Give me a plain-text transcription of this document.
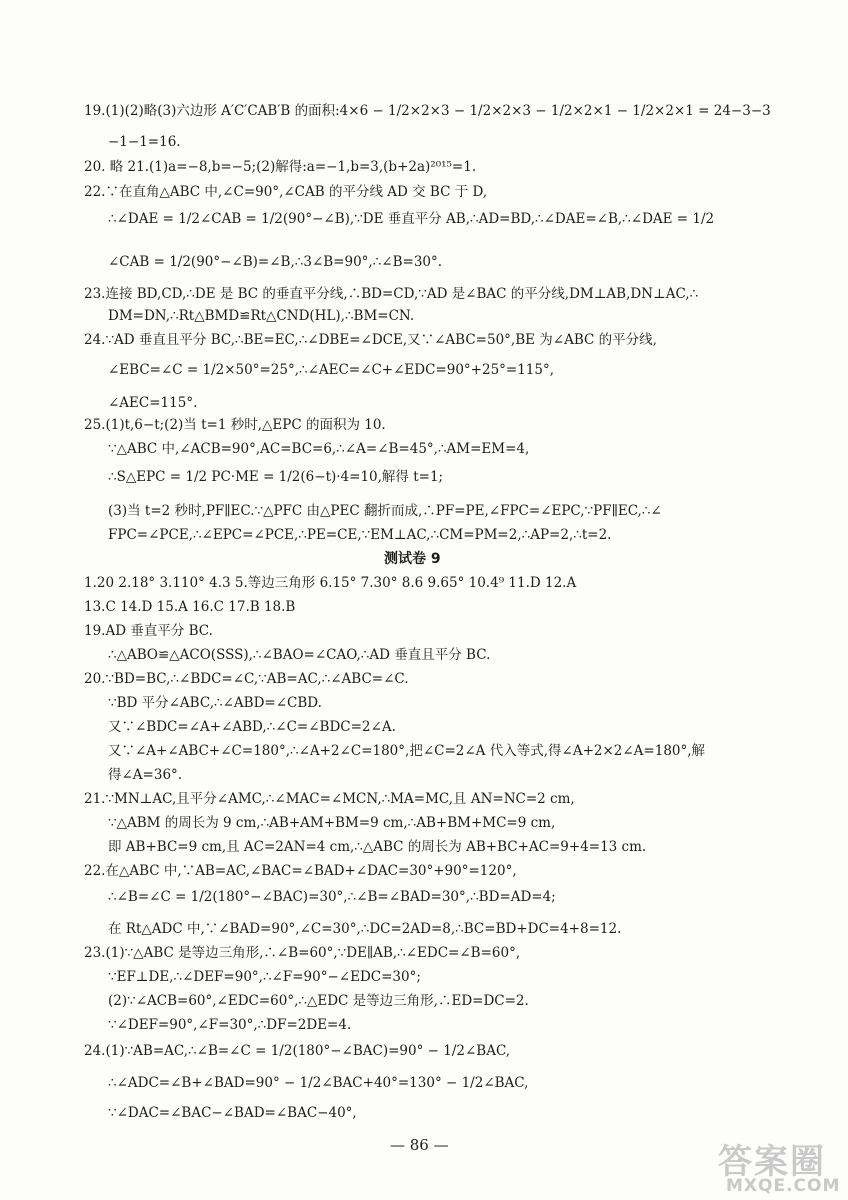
19.(1)(2)略(3)六边形 A′C′CAB′B 的面积:4×6 − 1/2×2×3 − 1/2×2×3 − 1/2×2×1 − 1/2×2×1 = 24−3−3
−1−1=16.
20. 略 21.(1)a=−8,b=−5;(2)解得:a=−1,b=3,(b+2a)²⁰¹⁵=1.
22.∵在直角△ABC 中,∠C=90°,∠CAB 的平分线 AD 交 BC 于 D,
∴∠DAE = 1/2∠CAB = 1/2(90°−∠B),∵DE 垂直平分 AB,∴AD=BD,∴∠DAE=∠B,∴∠DAE = 1/2
∠CAB = 1/2(90°−∠B)=∠B,∴3∠B=90°,∴∠B=30°.
23.连接 BD,CD,∴DE 是 BC 的垂直平分线,∴BD=CD,∵AD 是∠BAC 的平分线,DM⊥AB,DN⊥AC,∴
DM=DN,∴Rt△BMD≌Rt△CND(HL),∴BM=CN.
24.∵AD 垂直且平分 BC,∴BE=EC,∴∠DBE=∠DCE,又∵∠ABC=50°,BE 为∠ABC 的平分线,
∠EBC=∠C = 1/2×50°=25°,∴∠AEC=∠C+∠EDC=90°+25°=115°,
∠AEC=115°.
25.(1)t,6−t;(2)当 t=1 秒时,△EPC 的面积为 10.
∵△ABC 中,∠ACB=90°,AC=BC=6,∴∠A=∠B=45°,∴AM=EM=4,
∴S△EPC = 1/2 PC·ME = 1/2(6−t)·4=10,解得 t=1;
(3)当 t=2 秒时,PF∥EC.∵△PFC 由△PEC 翻折而成,∴PF=PE,∠FPC=∠EPC,∵PF∥EC,∴∠
FPC=∠PCE,∴∠EPC=∠PCE,∴PE=CE,∵EM⊥AC,∴CM=PM=2,∴AP=2,∴t=2.
测试卷 9
1.20 2.18° 3.110° 4.3 5.等边三角形 6.15° 7.30° 8.6 9.65° 10.4⁹ 11.D 12.A
13.C 14.D 15.A 16.C 17.B 18.B
19.AD 垂直平分 BC.
∴△ABO≌△ACO(SSS),∴∠BAO=∠CAO,∴AD 垂直且平分 BC.
20.∵BD=BC,∴∠BDC=∠C,∵AB=AC,∴∠ABC=∠C.
∵BD 平分∠ABC,∴∠ABD=∠CBD.
又∵∠BDC=∠A+∠ABD,∴∠C=∠BDC=2∠A.
又∵∠A+∠ABC+∠C=180°,∴∠A+2∠C=180°,把∠C=2∠A 代入等式,得∠A+2×2∠A=180°,解
得∠A=36°.
21.∵MN⊥AC,且平分∠AMC,∴∠MAC=∠MCN,∴MA=MC,且 AN=NC=2 cm,
∵△ABM 的周长为 9 cm,∴AB+AM+BM=9 cm,∴AB+BM+MC=9 cm,
即 AB+BC=9 cm,且 AC=2AN=4 cm,∴△ABC 的周长为 AB+BC+AC=9+4=13 cm.
22.在△ABC 中,∵AB=AC,∠BAC=∠BAD+∠DAC=30°+90°=120°,
∴∠B=∠C = 1/2(180°−∠BAC)=30°,∴∠B=∠BAD=30°,∴BD=AD=4;
在 Rt△ADC 中,∵∠BAD=90°,∠C=30°,∴DC=2AD=8,∴BC=BD+DC=4+8=12.
23.(1)∵△ABC 是等边三角形,∴∠B=60°,∵DE∥AB,∴∠EDC=∠B=60°,
∵EF⊥DE,∴∠DEF=90°,∴∠F=90°−∠EDC=30°;
(2)∵∠ACB=60°,∠EDC=60°,∴△EDC 是等边三角形,∴ED=DC=2.
∵∠DEF=90°,∠F=30°,∴DF=2DE=4.
24.(1)∵AB=AC,∴∠B=∠C = 1/2(180°−∠BAC)=90° − 1/2∠BAC,
∴∠ADC=∠B+∠BAD=90° − 1/2∠BAC+40°=130° − 1/2∠BAC,
∵∠DAC=∠BAC−∠BAD=∠BAC−40°,
— 86 —	答案圈
MXQE.COM
